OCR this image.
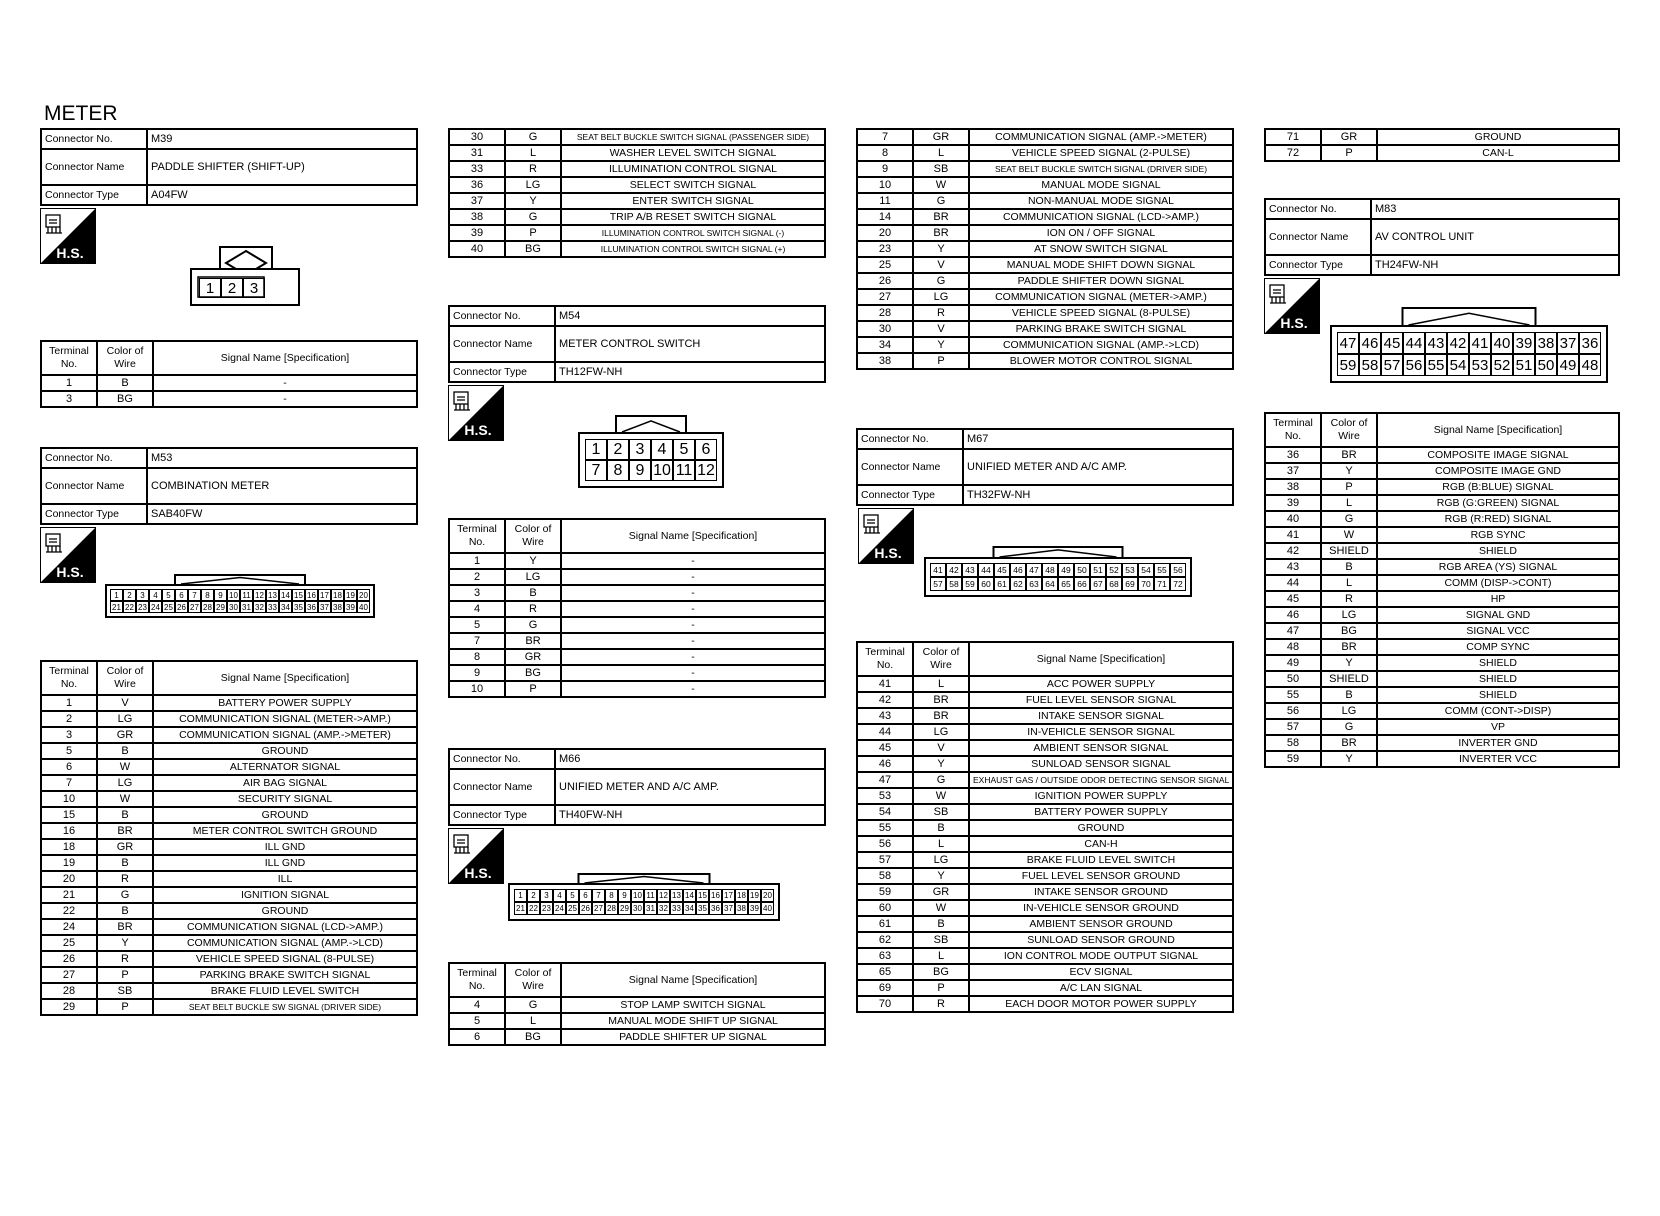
METER
Connector No.	M39
Connector Name	PADDLE SHIFTER (SHIFT-UP)
Connector Type	A04FW
H.S.
1 2 3
Terminal No.	Color of Wire	Signal Name [Specification]
1	B	-
3	BG	-
Connector No.	M53
Connector Name	COMBINATION METER
Connector Type	SAB40FW
H.S.
1	2	3	4	5	6	7	8	9 10 11 12 13 14 15 16 17 18 19 20
21 22 23 24 25 26 27 28 29 30 31 32 33 34 35 36 37 38 39 40
Terminal No.	Color of Wire	Signal Name [Specification]
1	V	BATTERY POWER SUPPLY
2	LG	COMMUNICATION SIGNAL (METER->AMP.)
3	GR	COMMUNICATION SIGNAL (AMP.->METER)
5	B	GROUND
6	W	ALTERNATOR SIGNAL
7	LG	AIR BAG SIGNAL
10	W	SECURITY SIGNAL
15	B	GROUND
16	BR	METER CONTROL SWITCH GROUND
18	GR	ILL GND
19	B	ILL GND
20	R	ILL
21	G	IGNITION SIGNAL
22	B	GROUND
24	BR	COMMUNICATION SIGNAL (LCD->AMP.)
25	Y	COMMUNICATION SIGNAL (AMP.->LCD)
26	R	VEHICLE SPEED SIGNAL (8-PULSE)
27	P	PARKING BRAKE SWITCH SIGNAL
28	SB	BRAKE FLUID LEVEL SWITCH
29	P	SEAT BELT BUCKLE SW SIGNAL (DRIVER SIDE)
30	G	SEAT BELT BUCKLE SWITCH SIGNAL (PASSENGER SIDE)
31	L	WASHER LEVEL SWITCH SIGNAL
33	R	ILLUMINATION CONTROL SIGNAL
36	LG	SELECT SWITCH SIGNAL
37	Y	ENTER SWITCH SIGNAL
38	G	TRIP A/B RESET SWITCH SIGNAL
39	P	ILLUMINATION CONTROL SWITCH SIGNAL (-)
40	BG	ILLUMINATION CONTROL SWITCH SIGNAL (+)
Connector No.	M54
Connector Name	METER CONTROL SWITCH
Connector Type	TH12FW-NH
H.S.
1 2 3 4 5 6
7 8 9 10 11 12
Terminal No.	Color of Wire	Signal Name [Specification]
1	Y	-
2	LG	-
3	B	-
4	R	-
5	G	-
7	BR	-
8	GR	-
9	BG	-
10	P	-
Connector No.	M66
Connector Name	UNIFIED METER AND A/C AMP.
Connector Type	TH40FW-NH
H.S.
1	2	3	4	5	6	7	8	9 10 11 12 13 14 15 16 17 18 19 20
21 22 23 24 25 26 27 28 29 30 31 32 33 34 35 36 37 38 39 40
Terminal No.	Color of Wire	Signal Name [Specification]
4	G	STOP LAMP SWITCH SIGNAL
5	L	MANUAL MODE SHIFT UP SIGNAL
6	BG	PADDLE SHIFTER UP SIGNAL
7	GR	COMMUNICATION SIGNAL (AMP.->METER)
8	L	VEHICLE SPEED SIGNAL (2-PULSE)
9	SB	SEAT BELT BUCKLE SWITCH SIGNAL (DRIVER SIDE)
10	W	MANUAL MODE SIGNAL
11	G	NON-MANUAL MODE SIGNAL
14	BR	COMMUNICATION SIGNAL (LCD->AMP.)
20	BR	ION ON / OFF SIGNAL
23	Y	AT SNOW SWITCH SIGNAL
25	V	MANUAL MODE SHIFT DOWN SIGNAL
26	G	PADDLE SHIFTER DOWN SIGNAL
27	LG	COMMUNICATION SIGNAL (METER->AMP.)
28	R	VEHICLE SPEED SIGNAL (8-PULSE)
30	V	PARKING BRAKE SWITCH SIGNAL
34	Y	COMMUNICATION SIGNAL (AMP.->LCD)
38	P	BLOWER MOTOR CONTROL SIGNAL
Connector No.	M67
Connector Name	UNIFIED METER AND A/C AMP.
Connector Type	TH32FW-NH
H.S.
41 42 43 44 45 46 47 48 49 50 51 52 53 54 55 56
57 58 59 60 61 62 63 64 65 66 67 68 69 70 71 72
Terminal No.	Color of Wire	Signal Name [Specification]
41	L	ACC POWER SUPPLY
42	BR	FUEL LEVEL SENSOR SIGNAL
43	BR	INTAKE SENSOR SIGNAL
44	LG	IN-VEHICLE SENSOR SIGNAL
45	V	AMBIENT SENSOR SIGNAL
46	Y	SUNLOAD SENSOR SIGNAL
47	G	EXHAUST GAS / OUTSIDE ODOR DETECTING SENSOR SIGNAL
53	W	IGNITION POWER SUPPLY
54	SB	BATTERY POWER SUPPLY
55	B	GROUND
56	L	CAN-H
57	LG	BRAKE FLUID LEVEL SWITCH
58	Y	FUEL LEVEL SENSOR GROUND
59	GR	INTAKE SENSOR GROUND
60	W	IN-VEHICLE SENSOR GROUND
61	B	AMBIENT SENSOR GROUND
62	SB	SUNLOAD SENSOR GROUND
63	L	ION CONTROL MODE OUTPUT SIGNAL
65	BG	ECV SIGNAL
69	P	A/C LAN SIGNAL
70	R	EACH DOOR MOTOR POWER SUPPLY
71	GR	GROUND
72	P	CAN-L
Connector No.	M83
Connector Name	AV CONTROL UNIT
Connector Type	TH24FW-NH
H.S.
47 46 45 44 43 42 41 40 39 38 37 36
59 58 57 56 55 54 53 52 51 50 49 48
Terminal No.	Color of Wire	Signal Name [Specification]
36	BR	COMPOSITE IMAGE SIGNAL
37	Y	COMPOSITE IMAGE GND
38	P	RGB (B:BLUE) SIGNAL
39	L	RGB (G:GREEN) SIGNAL
40	G	RGB (R:RED) SIGNAL
41	W	RGB SYNC
42	SHIELD	SHIELD
43	B	RGB AREA (YS) SIGNAL
44	L	COMM (DISP->CONT)
45	R	HP
46	LG	SIGNAL GND
47	BG	SIGNAL VCC
48	BR	COMP SYNC
49	Y	SHIELD
50	SHIELD	SHIELD
55	B	SHIELD
56	LG	COMM (CONT->DISP)
57	G	VP
58	BR	INVERTER GND
59	Y	INVERTER VCC
